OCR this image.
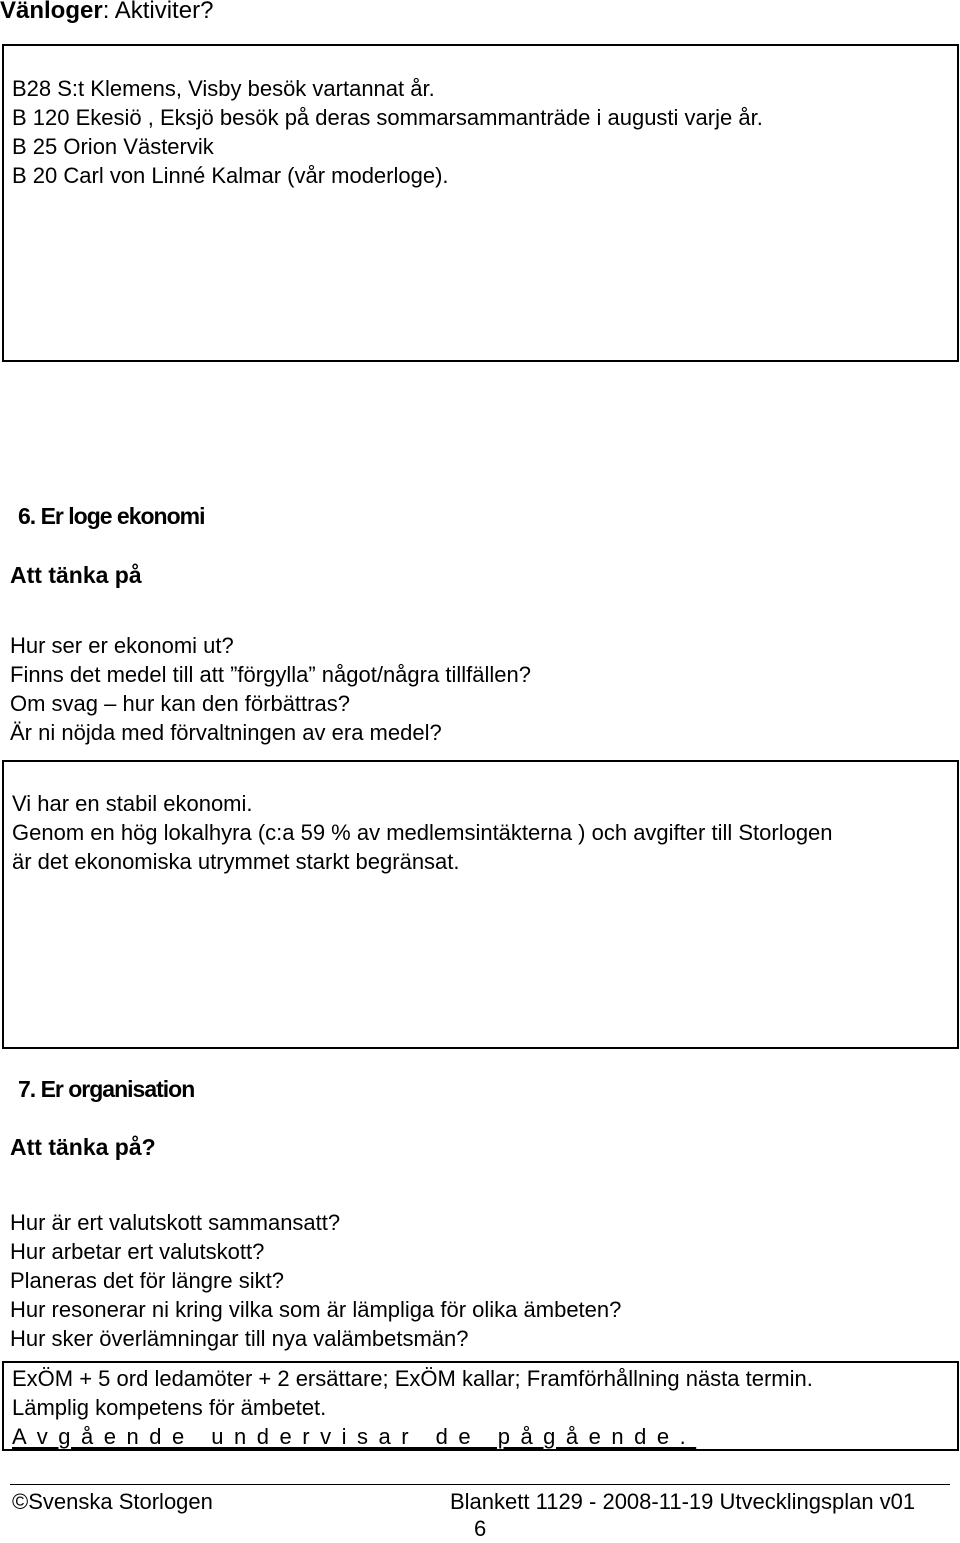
Vänloger: Aktiviter?
B28 S:t Klemens, Visby besök vartannat år.
B 120 Ekesiö , Eksjö besök på deras sommarsammanträde i augusti varje år.
B 25 Orion Västervik
B 20 Carl von Linné Kalmar (vår moderloge).
6. Er loge ekonomi
Att tänka på
Hur ser er ekonomi ut?
Finns det medel till att ”förgylla” något/några tillfällen?
Om svag – hur kan den förbättras?
Är ni nöjda med förvaltningen av era medel?
Vi har en stabil ekonomi.
Genom en hög lokalhyra (c:a 59 % av medlemsintäkterna ) och avgifter till Storlogen
är det ekonomiska utrymmet starkt begränsat.
7. Er organisation
Att tänka på?
Hur är ert valutskott sammansatt?
Hur arbetar ert valutskott?
Planeras det för längre sikt?
Hur resonerar ni kring vilka som är lämpliga för olika ämbeten?
Hur sker överlämningar till nya valämbetsmän?
ExÖM + 5 ord ledamöter + 2 ersättare; ExÖM kallar; Framförhållning nästa termin.
Lämplig kompetens för ämbetet.
Avgående undervisar de pågående.
©Svenska Storlogen	Blankett 1129 - 2008-11-19 Utvecklingsplan v01
6
